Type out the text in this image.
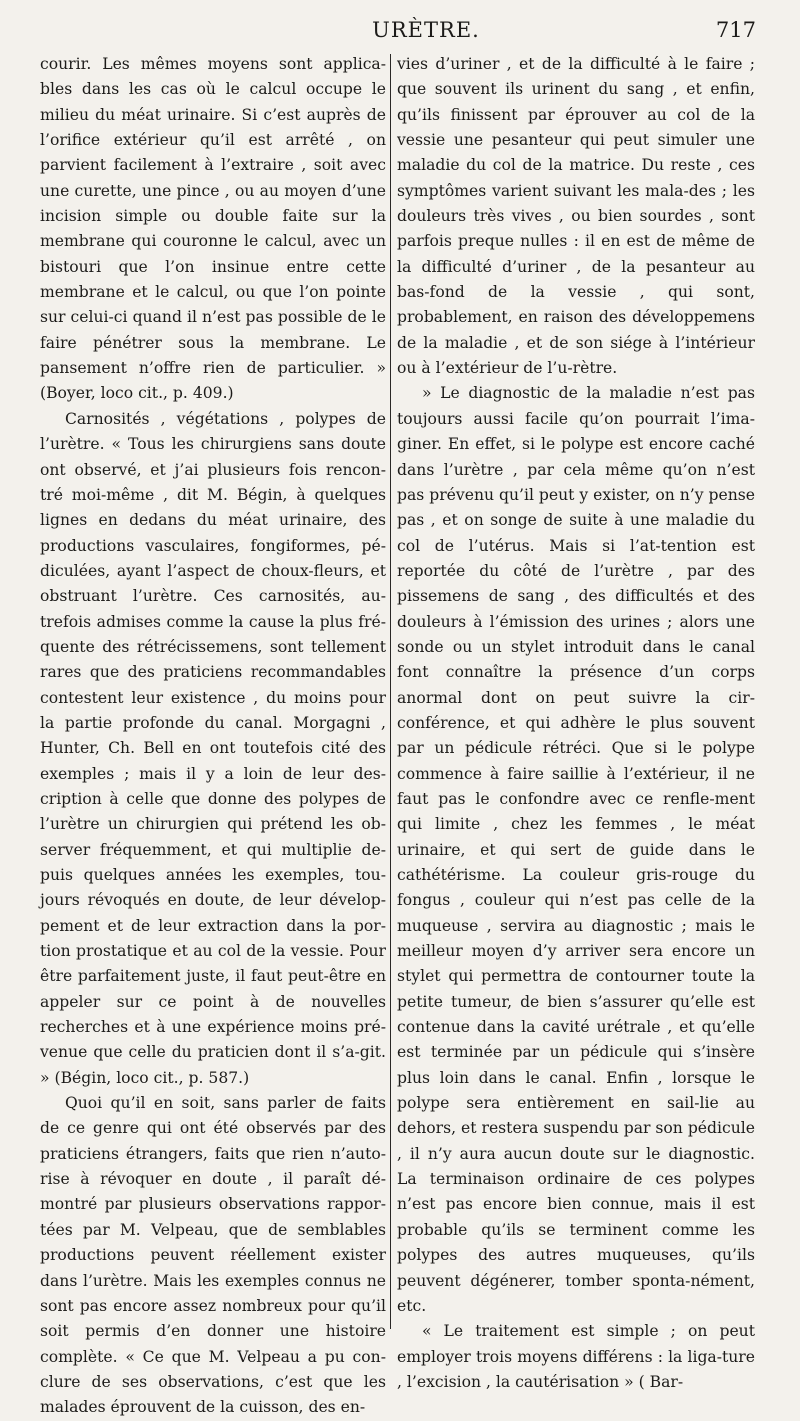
URÈTRE.	717

courir. Les mêmes moyens sont applica-bles dans les cas où le calcul occupe le milieu du méat urinaire. Si c’est auprès de l’orifice extérieur qu’il est arrêté , on parvient facilement à l’extraire , soit avec une curette, une pince , ou au moyen d’une incision simple ou double faite sur la membrane qui couronne le calcul, avec un bistouri que l’on insinue entre cette membrane et le calcul, ou que l’on pointe sur celui-ci quand il n’est pas possible de le faire pénétrer sous la membrane. Le pansement n’offre rien de particulier. » (Boyer, loco cit., p. 409.)

Carnosités , végétations , polypes de l’urètre. « Tous les chirurgiens sans doute ont observé, et j’ai plusieurs fois rencon-tré moi-même , dit M. Bégin, à quelques lignes en dedans du méat urinaire, des productions vasculaires, fongiformes, pé-diculées, ayant l’aspect de choux-fleurs, et obstruant l’urètre. Ces carnosités, au-trefois admises comme la cause la plus fré-quente des rétrécissemens, sont tellement rares que des praticiens recommandables contestent leur existence , du moins pour la partie profonde du canal. Morgagni , Hunter, Ch. Bell en ont toutefois cité des exemples ; mais il y a loin de leur des-cription à celle que donne des polypes de l’urètre un chirurgien qui prétend les ob-server fréquemment, et qui multiplie de-puis quelques années les exemples, tou-jours révoqués en doute, de leur dévelop-pement et de leur extraction dans la por-tion prostatique et au col de la vessie. Pour être parfaitement juste, il faut peut-être en appeler sur ce point à de nouvelles recherches et à une expérience moins pré-venue que celle du praticien dont il s’a-git. » (Bégin, loco cit., p. 587.)

Quoi qu’il en soit, sans parler de faits de ce genre qui ont été observés par des praticiens étrangers, faits que rien n’auto-rise à révoquer en doute , il paraît dé-montré par plusieurs observations rappor-tées par M. Velpeau, que de semblables productions peuvent réellement exister dans l’urètre. Mais les exemples connus ne sont pas encore assez nombreux pour qu’il soit permis d’en donner une histoire complète. « Ce que M. Velpeau a pu con-clure de ses observations, c’est que les malades éprouvent de la cuisson, des en-

vies d’uriner , et de la difficulté à le faire ; que souvent ils urinent du sang , et enfin, qu’ils finissent par éprouver au col de la vessie une pesanteur qui peut simuler une maladie du col de la matrice. Du reste , ces symptômes varient suivant les mala-des ; les douleurs très vives , ou bien sourdes , sont parfois preque nulles : il en est de même de la difficulté d’uriner , de la pesanteur au bas-fond de la vessie , qui sont, probablement, en raison des développemens de la maladie , et de son siége à l’intérieur ou à l’extérieur de l’u-rètre.

» Le diagnostic de la maladie n’est pas toujours aussi facile qu’on pourrait l’ima-giner. En effet, si le polype est encore caché dans l’urètre , par cela même qu’on n’est pas prévenu qu’il peut y exister, on n’y pense pas , et on songe de suite à une maladie du col de l’utérus. Mais si l’at-tention est reportée du côté de l’urètre , par des pissemens de sang , des difficultés et des douleurs à l’émission des urines ; alors une sonde ou un stylet introduit dans le canal font connaître la présence d’un corps anormal dont on peut suivre la cir-conférence, et qui adhère le plus souvent par un pédicule rétréci. Que si le polype commence à faire saillie à l’extérieur, il ne faut pas le confondre avec ce renfle-ment qui limite , chez les femmes , le méat urinaire, et qui sert de guide dans le cathétérisme. La couleur gris-rouge du fongus , couleur qui n’est pas celle de la muqueuse , servira au diagnostic ; mais le meilleur moyen d’y arriver sera encore un stylet qui permettra de contourner toute la petite tumeur, de bien s’assurer qu’elle est contenue dans la cavité urétrale , et qu’elle est terminée par un pédicule qui s’insère plus loin dans le canal. Enfin , lorsque le polype sera entièrement en sail-lie au dehors, et restera suspendu par son pédicule , il n’y aura aucun doute sur le diagnostic. La terminaison ordinaire de ces polypes n’est pas encore bien connue, mais il est probable qu’ils se terminent comme les polypes des autres muqueuses, qu’ils peuvent dégénerer, tomber sponta-nément, etc.

« Le traitement est simple ; on peut employer trois moyens différens : la liga-ture , l’excision , la cautérisation » ( Bar-
